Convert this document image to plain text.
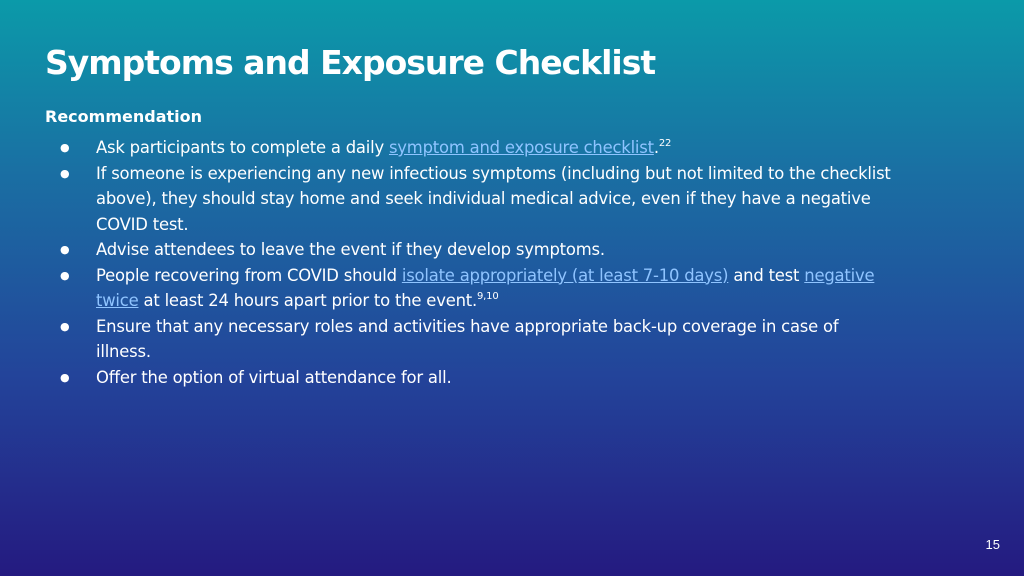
Symptoms and Exposure Checklist
Recommendation
● Ask participants to complete a daily symptom and exposure checklist.$^{22}$
● If someone is experiencing any new infectious symptoms (including but not limited to the checklist above), they should stay home and seek individual medical advice, even if they have a negative COVID test.
● Advise attendees to leave the event if they develop symptoms.
● People recovering from COVID should isolate appropriately (at least 7-10 days) and test negative twice at least 24 hours apart prior to the event.$^{9,10}$
● Ensure that any necessary roles and activities have appropriate back-up coverage in case of illness.
● Offer the option of virtual attendance for all.
15
